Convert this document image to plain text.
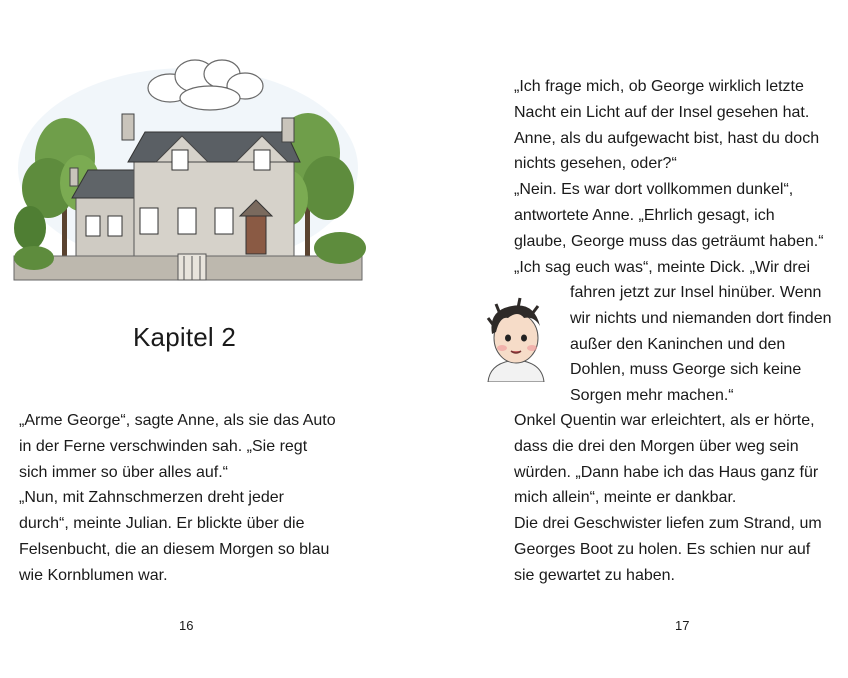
Kapitel 2
„Arme George“, sagte Anne, als sie das Auto
in der Ferne verschwinden sah. „Sie regt
sich immer so über alles auf.“
„Nun, mit Zahnschmerzen dreht jeder
durch“, meinte Julian. Er blickte über die
Felsenbucht, die an diesem Morgen so blau
wie Kornblumen war.
16
„Ich frage mich, ob George wirklich letzte
Nacht ein Licht auf der Insel gesehen hat.
Anne, als du aufgewacht bist, hast du doch
nichts gesehen, oder?“
„Nein. Es war dort vollkommen dunkel“,
antwortete Anne. „Ehrlich gesagt, ich
glaube, George muss das geträumt haben.“
„Ich sag euch was“, meinte Dick. „Wir drei
fahren jetzt zur Insel hinüber. Wenn
wir nichts und niemanden dort finden
außer den Kaninchen und den
Dohlen, muss George sich keine
Sorgen mehr machen.“
Onkel Quentin war erleichtert, als er hörte,
dass die drei den Morgen über weg sein
würden. „Dann habe ich das Haus ganz für
mich allein“, meinte er dankbar.
Die drei Geschwister liefen zum Strand, um
Georges Boot zu holen. Es schien nur auf
sie gewartet zu haben.
17
